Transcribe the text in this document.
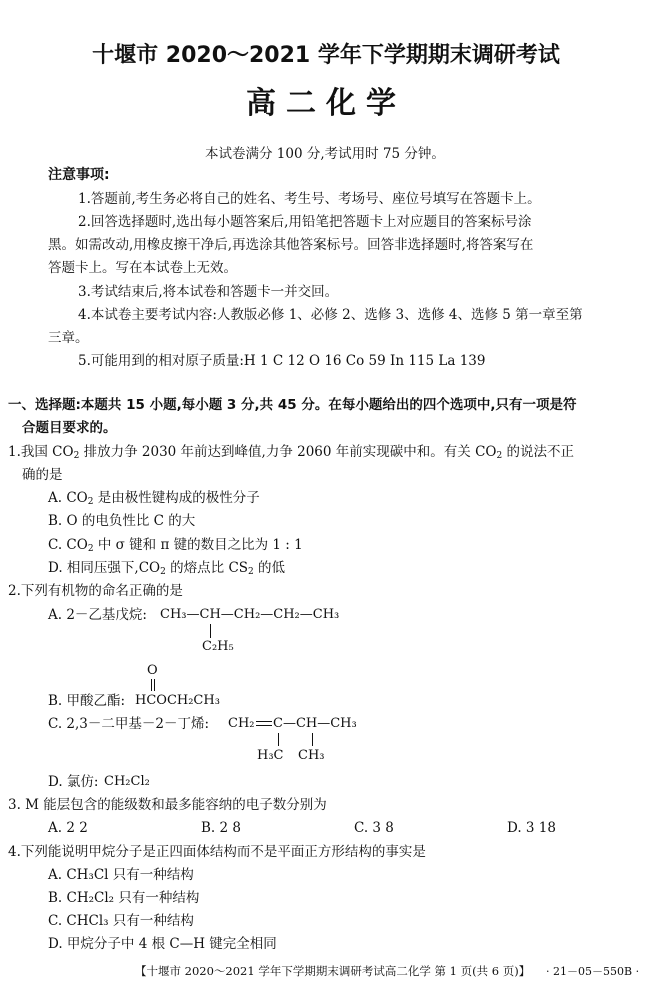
十堰市 2020～2021 学年下学期期末调研考试
高二化学
本试卷满分 100 分,考试用时 75 分钟。
注意事项:
1.答题前,考生务必将自己的姓名、考生号、考场号、座位号填写在答题卡上。
2.回答选择题时,选出每小题答案后,用铅笔把答题卡上对应题目的答案标号涂
黑。如需改动,用橡皮擦干净后,再选涂其他答案标号。回答非选择题时,将答案写在
答题卡上。写在本试卷上无效。
3.考试结束后,将本试卷和答题卡一并交回。
4.本试卷主要考试内容:人教版必修 1、必修 2、选修 3、选修 4、选修 5 第一章至第
三章。
5.可能用到的相对原子质量:H 1 C 12 O 16 Co 59 In 115 La 139
一、选择题:本题共 15 小题,每小题 3 分,共 45 分。在每小题给出的四个选项中,只有一项是符
合题目要求的。
1.我国 $CO_2$ 排放力争 2030 年前达到峰值,力争 2060 年前实现碳中和。有关 $CO_2$ 的说法不正
确的是
A. $CO_2$ 是由极性键构成的极性分子
B. O 的电负性比 C 的大
C. $CO_2$ 中 σ 键和 π 键的数目之比为 1 : 1
D. 相同压强下$,CO_2$ 的熔点比 $CS_2$ 的低
2.下列有机物的命名正确的是
A. 2－乙基戊烷: CH₃—CH—CH₂—CH₂—CH₃
C₂H₅
O
B. 甲酸乙酯: HCOCH₂CH₃
C. 2,3－二甲基－2－丁烯: CH₂ C—CH—CH₃
H₃C CH₃
D. 氯仿: CH₂Cl₂
3. M 能层包含的能级数和最多能容纳的电子数分别为
A. 2 2	B. 2 8	C. 3 8	D. 3 18
4.下列能说明甲烷分子是正四面体结构而不是平面正方形结构的事实是
A. CH₃Cl 只有一种结构
B. CH₂Cl₂ 只有一种结构
C. CHCl₃ 只有一种结构
D. 甲烷分子中 4 根 C—H 键完全相同
【十堰市 2020～2021 学年下学期期末调研考试高二化学 第 1 页(共 6 页)】 · 21－05－550B ·
